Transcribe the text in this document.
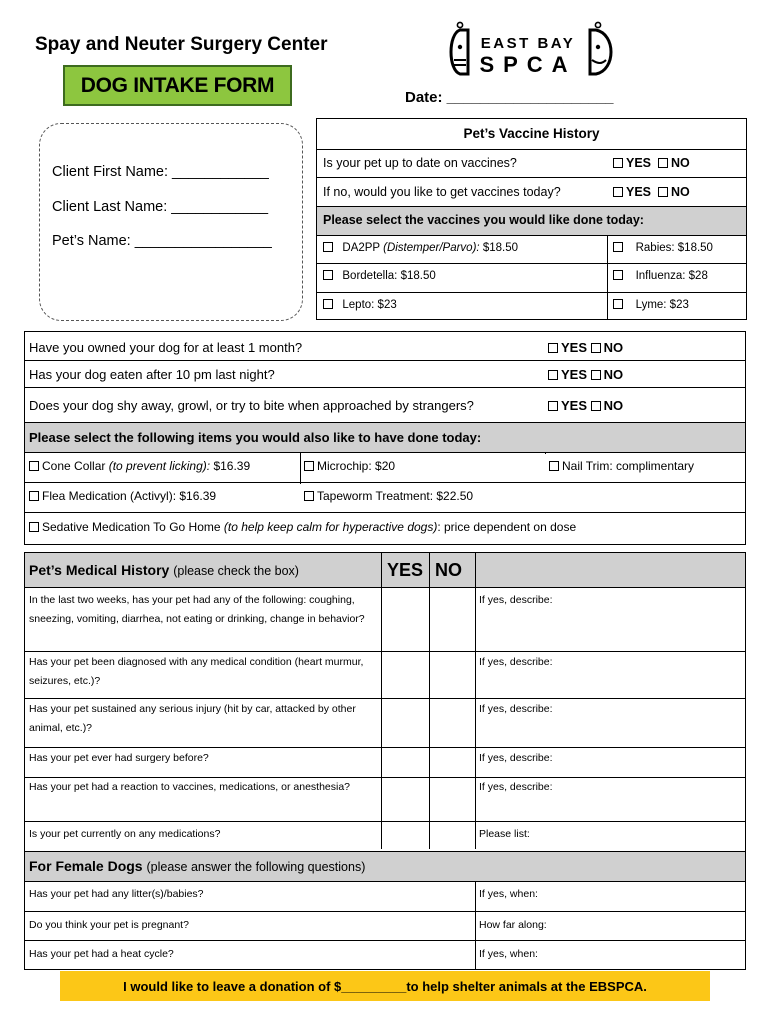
Spay and Neuter Surgery Center
DOG INTAKE FORM
EAST BAY
SPCA
Date: ____________________
Client First Name: ____________
Client Last Name: ____________
Pet’s Name: _________________
Pet’s Vaccine History
Is your pet up to date on vaccines?	YES NO
If no, would you like to get vaccines today?	YES NO
Please select the vaccines you would like done today:
DA2PP (Distemper/Parvo): $18.50	Rabies: $18.50
Bordetella: $18.50	Influenza: $28
Lepto: $23	Lyme: $23
Have you owned your dog for at least 1 month?	YES NO
Has your dog eaten after 10 pm last night?	YES NO
Does your dog shy away, growl, or try to bite when approached by strangers?	YES NO
Please select the following items you would also like to have done today:
Cone Collar (to prevent licking): $16.39	Microchip: $20	Nail Trim: complimentary
Flea Medication (Activyl): $16.39	Tapeworm Treatment: $22.50
Sedative Medication To Go Home (to help keep calm for hyperactive dogs): price dependent on dose
Pet’s Medical History (please check the box)	YES NO
In the last two weeks, has your pet had any of the following: coughing, sneezing, vomiting, diarrhea, not eating or drinking, change in behavior?
If yes, describe:
Has your pet been diagnosed with any medical condition (heart murmur, seizures, etc.)?
If yes, describe:
Has your pet sustained any serious injury (hit by car, attacked by other animal, etc.)?
If yes, describe:
Has your pet ever had surgery before?	If yes, describe:
Has your pet had a reaction to vaccines, medications, or anesthesia?	If yes, describe:
Is your pet currently on any medications?	Please list:
For Female Dogs (please answer the following questions)
Has your pet had any litter(s)/babies?	If yes, when:
Do you think your pet is pregnant?	How far along:
Has your pet had a heat cycle?	If yes, when:
I would like to leave a donation of $_________to help shelter animals at the EBSPCA.
